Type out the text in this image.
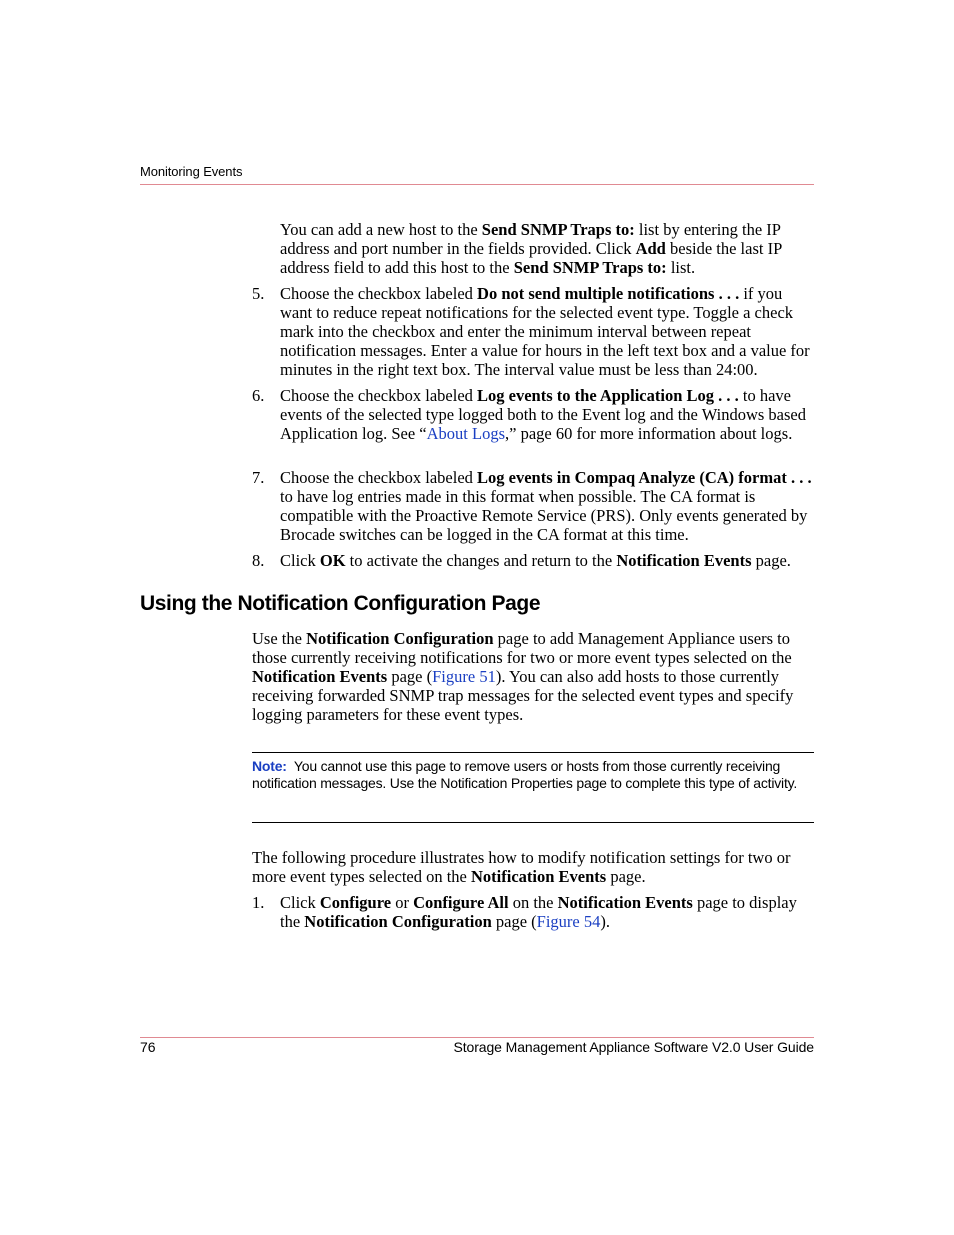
Monitoring Events

You can add a new host to the Send SNMP Traps to: list by entering the IP address and port number in the fields provided. Click Add beside the last IP address field to add this host to the Send SNMP Traps to: list.

5. Choose the checkbox labeled Do not send multiple notifications . . . if you want to reduce repeat notifications for the selected event type. Toggle a check mark into the checkbox and enter the minimum interval between repeat notification messages. Enter a value for hours in the left text box and a value for minutes in the right text box. The interval value must be less than 24:00.

6. Choose the checkbox labeled Log events to the Application Log . . . to have events of the selected type logged both to the Event log and the Windows based Application log. See “About Logs,” page 60 for more information about logs.

7. Choose the checkbox labeled Log events in Compaq Analyze (CA) format . . . to have log entries made in this format when possible. The CA format is compatible with the Proactive Remote Service (PRS). Only events generated by Brocade switches can be logged in the CA format at this time.

8. Click OK to activate the changes and return to the Notification Events page.

Using the Notification Configuration Page

Use the Notification Configuration page to add Management Appliance users to those currently receiving notifications for two or more event types selected on the Notification Events page (Figure 51). You can also add hosts to those currently receiving forwarded SNMP trap messages for the selected event types and specify logging parameters for these event types.

Note: You cannot use this page to remove users or hosts from those currently receiving notification messages. Use the Notification Properties page to complete this type of activity.

The following procedure illustrates how to modify notification settings for two or more event types selected on the Notification Events page.

1. Click Configure or Configure All on the Notification Events page to display the Notification Configuration page (Figure 54).

76	Storage Management Appliance Software V2.0 User Guide
